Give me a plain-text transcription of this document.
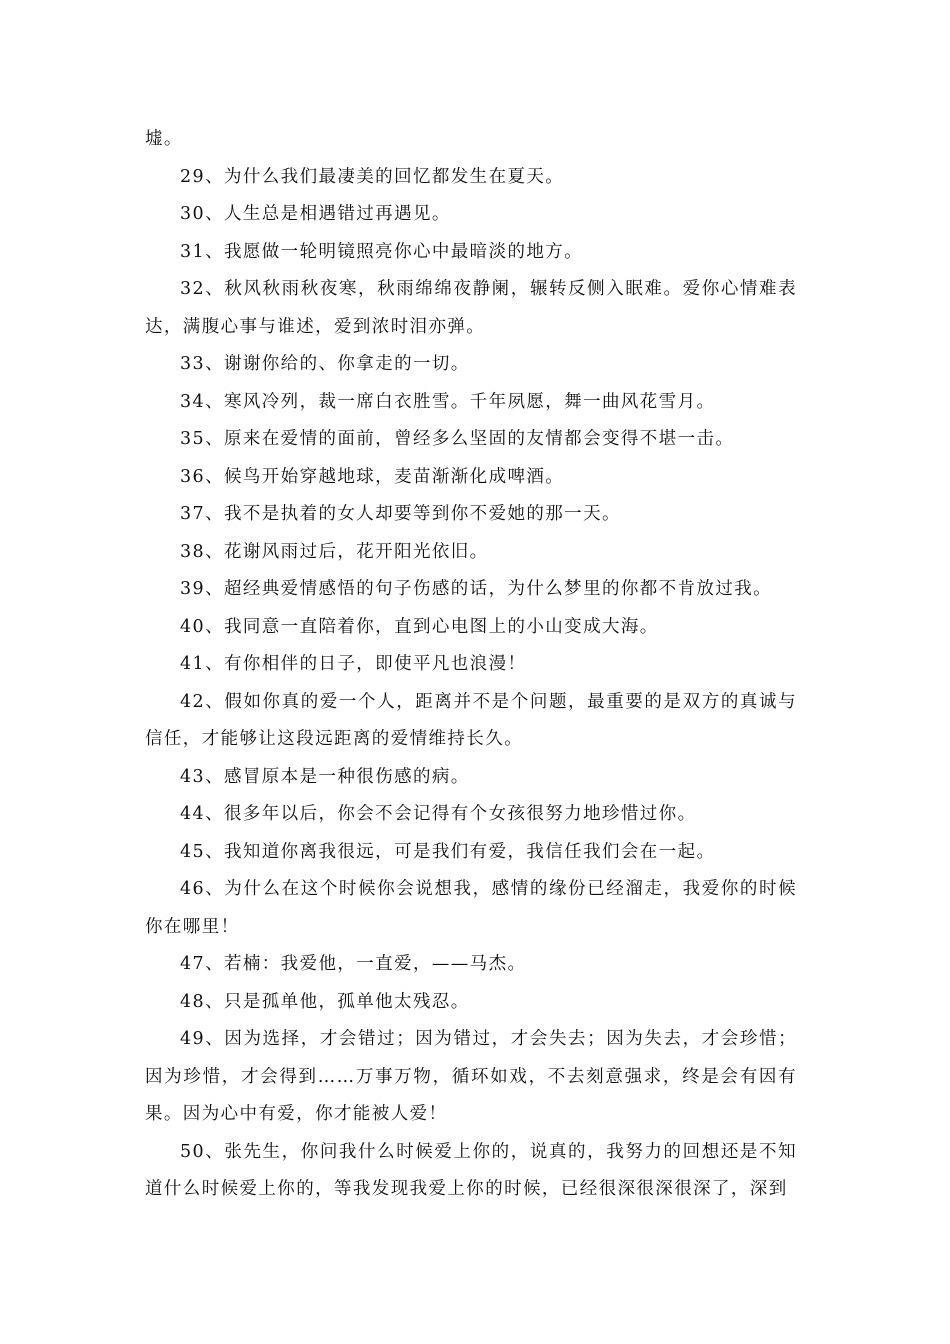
墟。

29、为什么我们最凄美的回忆都发生在夏天。

30、人生总是相遇错过再遇见。

31、我愿做一轮明镜照亮你心中最暗淡的地方。

32、秋风秋雨秋夜寒，秋雨绵绵夜静阑，辗转反侧入眠难。爱你心情难表达，满腹心事与谁述，爱到浓时泪亦弹。

33、谢谢你给的、你拿走的一切。

34、寒风冷列，裁一席白衣胜雪。千年夙愿，舞一曲风花雪月。

35、原来在爱情的面前，曾经多么坚固的友情都会变得不堪一击。

36、候鸟开始穿越地球，麦苗渐渐化成啤酒。

37、我不是执着的女人却要等到你不爱她的那一天。

38、花谢风雨过后，花开阳光依旧。

39、超经典爱情感悟的句子伤感的话，为什么梦里的你都不肯放过我。

40、我同意一直陪着你，直到心电图上的小山变成大海。

41、有你相伴的日子，即使平凡也浪漫！

42、假如你真的爱一个人，距离并不是个问题，最重要的是双方的真诚与信任，才能够让这段远距离的爱情维持长久。

43、感冒原本是一种很伤感的病。

44、很多年以后，你会不会记得有个女孩很努力地珍惜过你。

45、我知道你离我很远，可是我们有爱，我信任我们会在一起。

46、为什么在这个时候你会说想我，感情的缘份已经溜走，我爱你的时候你在哪里！

47、若楠：我爱他，一直爱，——马杰。

48、只是孤单他，孤单他太残忍。

49、因为选择，才会错过；因为错过，才会失去；因为失去，才会珍惜；因为珍惜，才会得到……万事万物，循环如戏，不去刻意强求，终是会有因有果。因为心中有爱，你才能被人爱！

50、张先生，你问我什么时候爱上你的，说真的，我努力的回想还是不知道什么时候爱上你的，等我发现我爱上你的时候，已经很深很深很深了，深到
